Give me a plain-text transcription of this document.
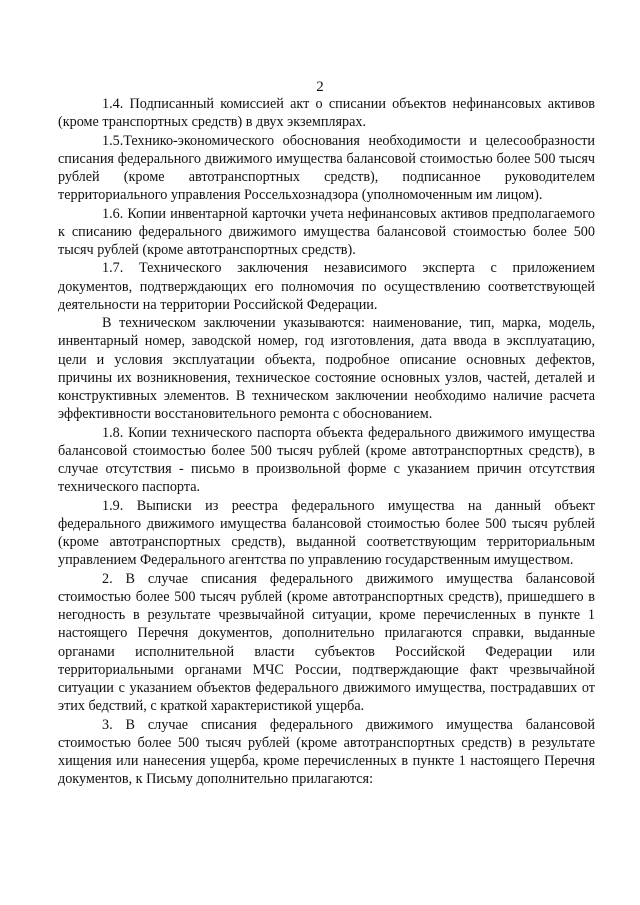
2

1.4. Подписанный комиссией акт о списании объектов нефинансовых активов (кроме транспортных средств) в двух экземплярах.

1.5.Технико-экономического обоснования необходимости и целесообразности списания федерального движимого имущества балансовой стоимостью более 500 тысяч рублей (кроме автотранспортных средств), подписанное руководителем территориального управления Россельхознадзора (уполномоченным им лицом).

1.6. Копии инвентарной карточки учета нефинансовых активов предполагаемого к списанию федерального движимого имущества балансовой стоимостью более 500 тысяч рублей (кроме автотранспортных средств).

1.7. Технического заключения независимого эксперта с приложением документов, подтверждающих его полномочия по осуществлению соответствующей деятельности на территории Российской Федерации.

В техническом заключении указываются: наименование, тип, марка, модель, инвентарный номер, заводской номер, год изготовления, дата ввода в эксплуатацию, цели и условия эксплуатации объекта, подробное описание основных дефектов, причины их возникновения, техническое состояние основных узлов, частей, деталей и конструктивных элементов. В техническом заключении необходимо наличие расчета эффективности восстановительного ремонта с обоснованием.

1.8. Копии технического паспорта объекта федерального движимого имущества балансовой стоимостью более 500 тысяч рублей (кроме автотранспортных средств), в случае отсутствия - письмо в произвольной форме с указанием причин отсутствия технического паспорта.

1.9. Выписки из реестра федерального имущества на данный объект федерального движимого имущества балансовой стоимостью более 500 тысяч рублей (кроме автотранспортных средств), выданной соответствующим территориальным управлением Федерального агентства по управлению государственным имуществом.

2. В случае списания федерального движимого имущества балансовой стоимостью более 500 тысяч рублей (кроме автотранспортных средств), пришедшего в негодность в результате чрезвычайной ситуации, кроме перечисленных в пункте 1 настоящего Перечня документов, дополнительно прилагаются справки, выданные органами исполнительной власти субъектов Российской Федерации или территориальными органами МЧС России, подтверждающие факт чрезвычайной ситуации с указанием объектов федерального движимого имущества, пострадавших от этих бедствий, с краткой характеристикой ущерба.

3. В случае списания федерального движимого имущества балансовой стоимостью более 500 тысяч рублей (кроме автотранспортных средств) в результате хищения или нанесения ущерба, кроме перечисленных в пункте 1 настоящего Перечня документов, к Письму дополнительно прилагаются:
